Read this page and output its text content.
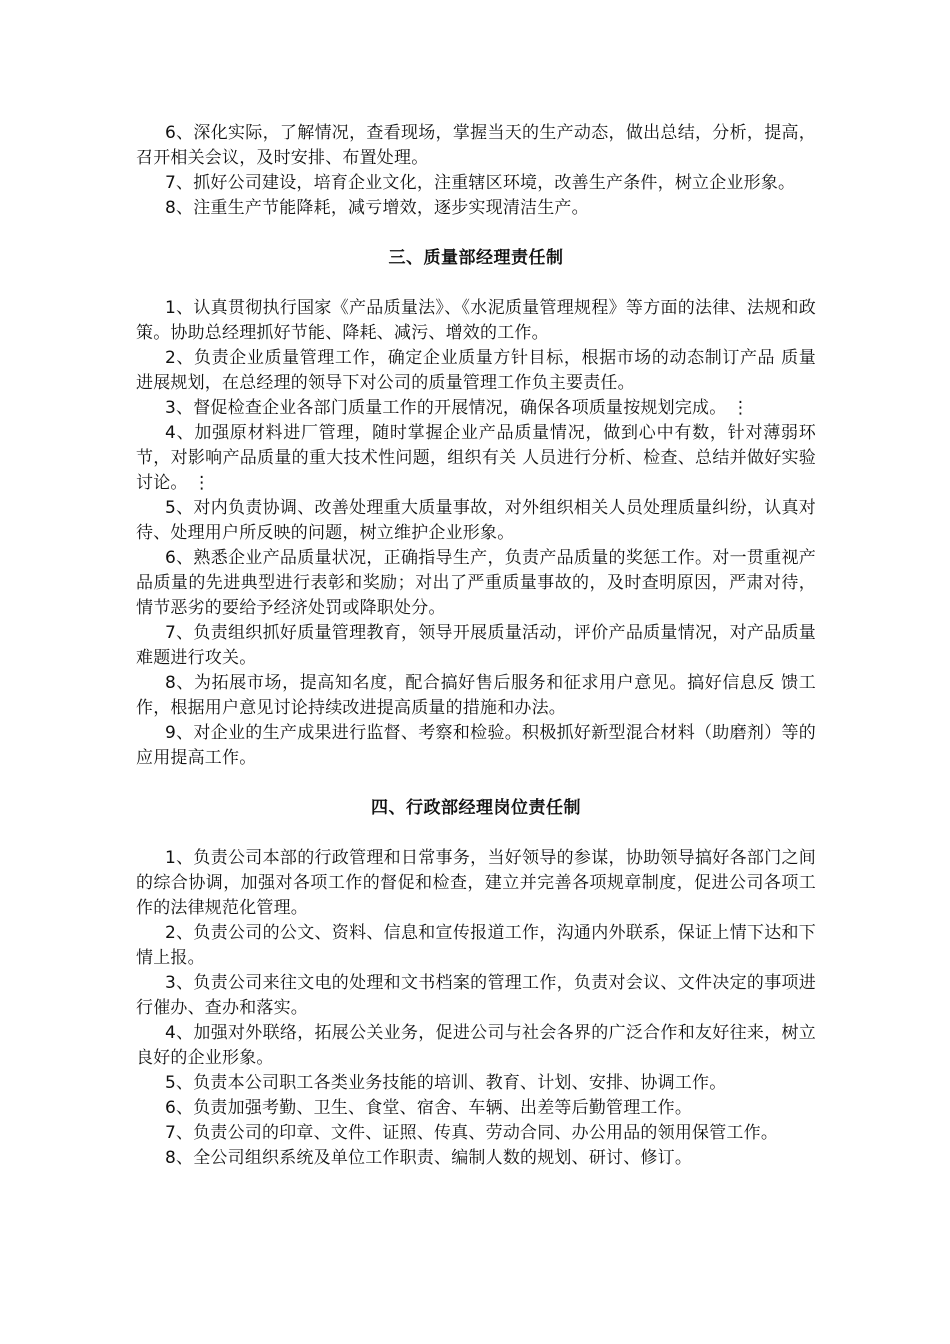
6、深化实际，了解情况，查看现场，掌握当天的生产动态，做出总结，分析，提高，召开相关会议，及时安排、布置处理。

7、抓好公司建设，培育企业文化，注重辖区环境，改善生产条件，树立企业形象。

8、注重生产节能降耗，减亏增效，逐步实现清洁生产。

三、质量部经理责任制

1、认真贯彻执行国家《产品质量法》、《水泥质量管理规程》等方面的法律、法规和政策。协助总经理抓好节能、降耗、减污、增效的工作。

2、负责企业质量管理工作，确定企业质量方针目标，根据市场的动态制订产品 质量进展规划，在总经理的领导下对公司的质量管理工作负主要责任。

3、督促检查企业各部门质量工作的开展情况，确保各项质量按规划完成。 ⋮

4、加强原材料进厂管理，随时掌握企业产品质量情况，做到心中有数，针对薄弱环节，对影响产品质量的重大技术性问题，组织有关 人员进行分析、检查、总结并做好实验讨论。 ⋮

5、对内负责协调、改善处理重大质量事故，对外组织相关人员处理质量纠纷，认真对待、处理用户所反映的问题，树立维护企业形象。

6、熟悉企业产品质量状况，正确指导生产，负责产品质量的奖惩工作。对一贯重视产品质量的先进典型进行表彰和奖励；对出了严重质量事故的，及时查明原因，严肃对待，情节恶劣的要给予经济处罚或降职处分。

7、负责组织抓好质量管理教育，领导开展质量活动，评价产品质量情况，对产品质量难题进行攻关。

8、为拓展市场，提高知名度，配合搞好售后服务和征求用户意见。搞好信息反 馈工作，根据用户意见讨论持续改进提高质量的措施和办法。

9、对企业的生产成果进行监督、考察和检验。积极抓好新型混合材料（助磨剂）等的应用提高工作。

四、行政部经理岗位责任制

1、负责公司本部的行政管理和日常事务，当好领导的参谋，协助领导搞好各部门之间的综合协调，加强对各项工作的督促和检查，建立并完善各项规章制度，促进公司各项工作的法律规范化管理。

2、负责公司的公文、资料、信息和宣传报道工作，沟通内外联系，保证上情下达和下情上报。

3、负责公司来往文电的处理和文书档案的管理工作，负责对会议、文件决定的事项进行催办、查办和落实。

4、加强对外联络，拓展公关业务，促进公司与社会各界的广泛合作和友好往来，树立良好的企业形象。

5、负责本公司职工各类业务技能的培训、教育、计划、安排、协调工作。

6、负责加强考勤、卫生、食堂、宿舍、车辆、出差等后勤管理工作。

7、负责公司的印章、文件、证照、传真、劳动合同、办公用品的领用保管工作。

8、全公司组织系统及单位工作职责、编制人数的规划、研讨、修订。
